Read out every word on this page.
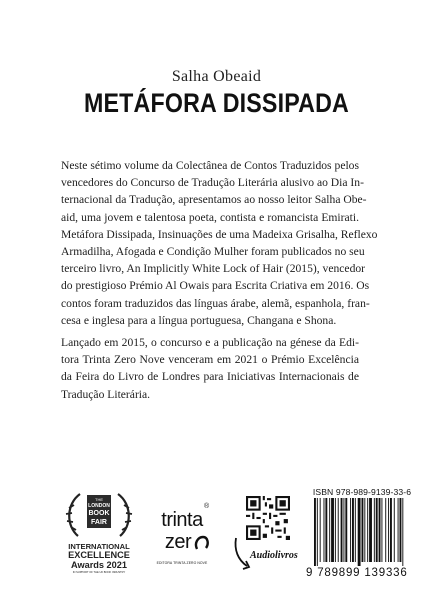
Salha Obeaid
METÁFORA DISSIPADA
Neste sétimo volume da Colectânea de Contos Traduzidos pelos
vencedores do Concurso de Tradução Literária alusivo ao Dia In-
ternacional da Tradução, apresentamos ao nosso leitor Salha Obe-
aid, uma jovem e talentosa poeta, contista e romancista Emirati.
Metáfora Dissipada, Insinuações de uma Madeixa Grisalha, Reflexo
Armadilha, Afogada e Condição Mulher foram publicados no seu
terceiro livro, An Implicitly White Lock of Hair (2015), vencedor
do prestigioso Prémio Al Owais para Escrita Criativa em 2016. Os
contos foram traduzidos das línguas árabe, alemã, espanhola, fran-
cesa e inglesa para a língua portuguesa, Changana e Shona.
Lançado em 2015, o concurso e a publicação na génese da Edi-
tora Trinta Zero Nove venceram em 2021 o Prémio Excelência
da Feira do Livro de Londres para Iniciativas Internacionais de
Tradução Literária.
THE
LONDON
BOOK
FAIR
INTERNATIONAL
EXCELLENCE
Awards 2021
IN SUPPORT OF THE UK BOOK INDUSTRY
trinta
®
zer
EDITORA TRINTA ZERO NOVE
Audiolivros
ISBN 978-989-9139-33-6
9 789899 139336
